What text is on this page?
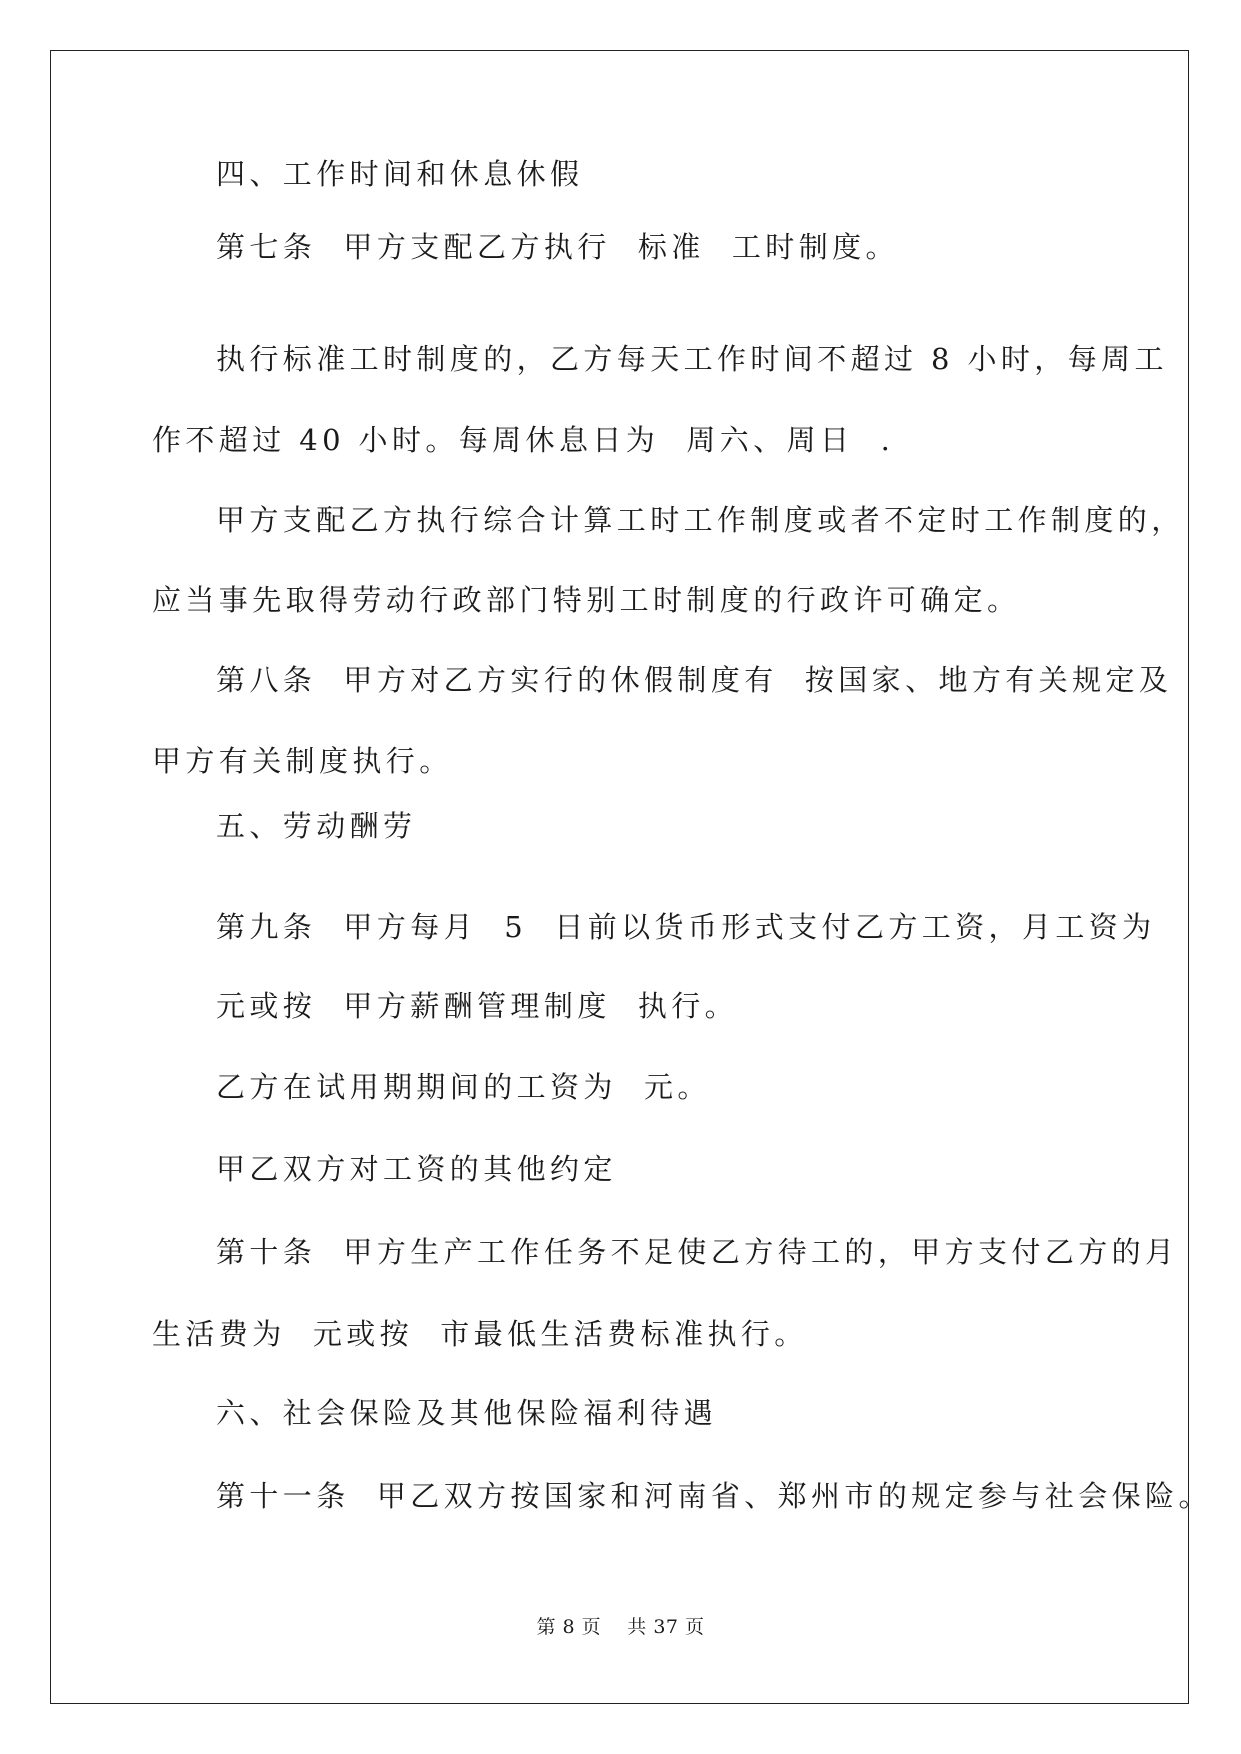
四、工作时间和休息休假
第七条  甲方支配乙方执行  标准  工时制度。
执行标准工时制度的，乙方每天工作时间不超过 8 小时，每周工
作不超过 40 小时。每周休息日为  周六、周日  .
甲方支配乙方执行综合计算工时工作制度或者不定时工作制度的，
应当事先取得劳动行政部门特别工时制度的行政许可确定。
第八条  甲方对乙方实行的休假制度有  按国家、地方有关规定及
甲方有关制度执行。
五、劳动酬劳
第九条  甲方每月  5  日前以货币形式支付乙方工资，月工资为
元或按  甲方薪酬管理制度  执行。
乙方在试用期期间的工资为  元。
甲乙双方对工资的其他约定
第十条  甲方生产工作任务不足使乙方待工的，甲方支付乙方的月
生活费为  元或按  市最低生活费标准执行。
六、社会保险及其他保险福利待遇
第十一条  甲乙双方按国家和河南省、郑州市的规定参与社会保险。
第 8 页    共 37 页
